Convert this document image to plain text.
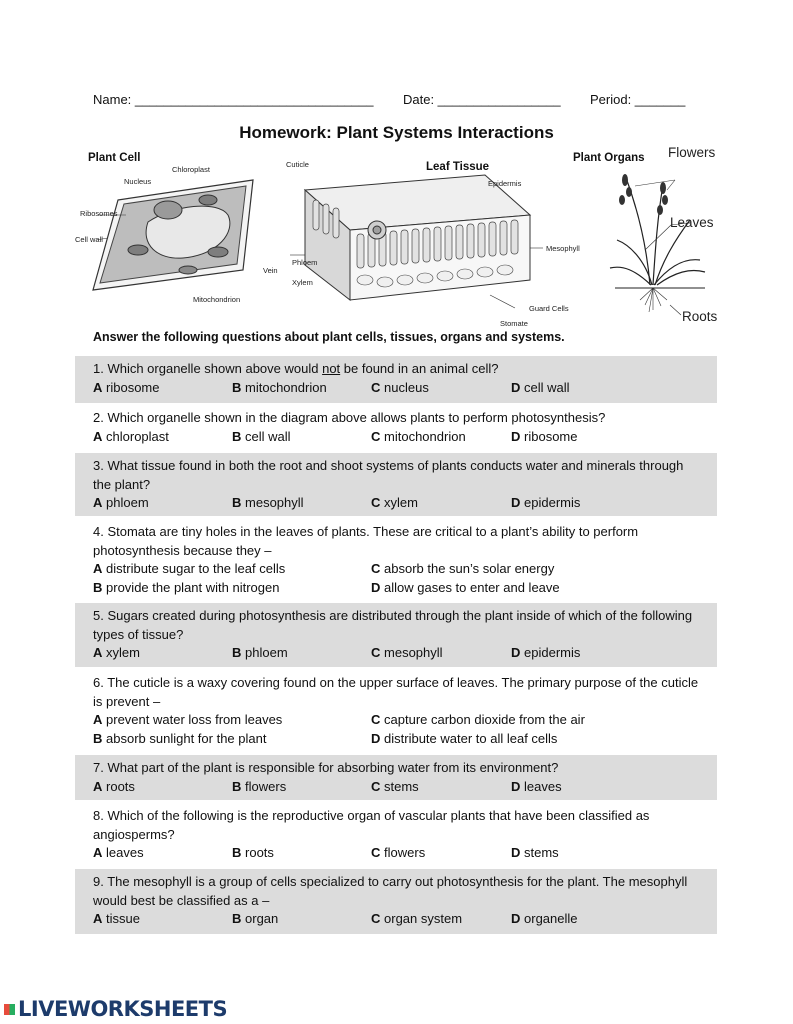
Name: _________________________________ Date: _________________ Period: _______
Homework: Plant Systems Interactions
Plant Cell
Chloroplast
Nucleus
Ribosomes
Cell wall
Mitochondrion
Leaf Tissue
Cuticle
Epidermis
Mesophyll
Vein
Phloem
Xylem
Guard Cells
Stomate
Plant Organs Flowers
Leaves
Roots
Answer the following questions about plant cells, tissues, organs and systems.
1. Which organelle shown above would not be found in an animal cell?
A ribosome	B mitochondrion	C nucleus	D cell wall
2. Which organelle shown in the diagram above allows plants to perform photosynthesis?
A chloroplast	B cell wall	C mitochondrion	D ribosome
3. What tissue found in both the root and shoot systems of plants conducts water and minerals through the plant?
A phloem	B mesophyll	C xylem	D epidermis
4. Stomata are tiny holes in the leaves of plants. These are critical to a plant’s ability to perform photosynthesis because they –
A distribute sugar to the leaf cells	C absorb the sun’s solar energy
B provide the plant with nitrogen	D allow gases to enter and leave
5. Sugars created during photosynthesis are distributed through the plant inside of which of the following types of tissue?
A xylem	B phloem	C mesophyll	D epidermis
6. The cuticle is a waxy covering found on the upper surface of leaves. The primary purpose of the cuticle is prevent –
A prevent water loss from leaves	C capture carbon dioxide from the air
B absorb sunlight for the plant	D distribute water to all leaf cells
7. What part of the plant is responsible for absorbing water from its environment?
A roots	B flowers	C stems	D leaves
8. Which of the following is the reproductive organ of vascular plants that have been classified as angiosperms?
A leaves	B roots	C flowers	D stems
9. The mesophyll is a group of cells specialized to carry out photosynthesis for the plant. The mesophyll would best be classified as a –
A tissue	B organ	C organ system	D organelle
LIVEWORKSHEETS
